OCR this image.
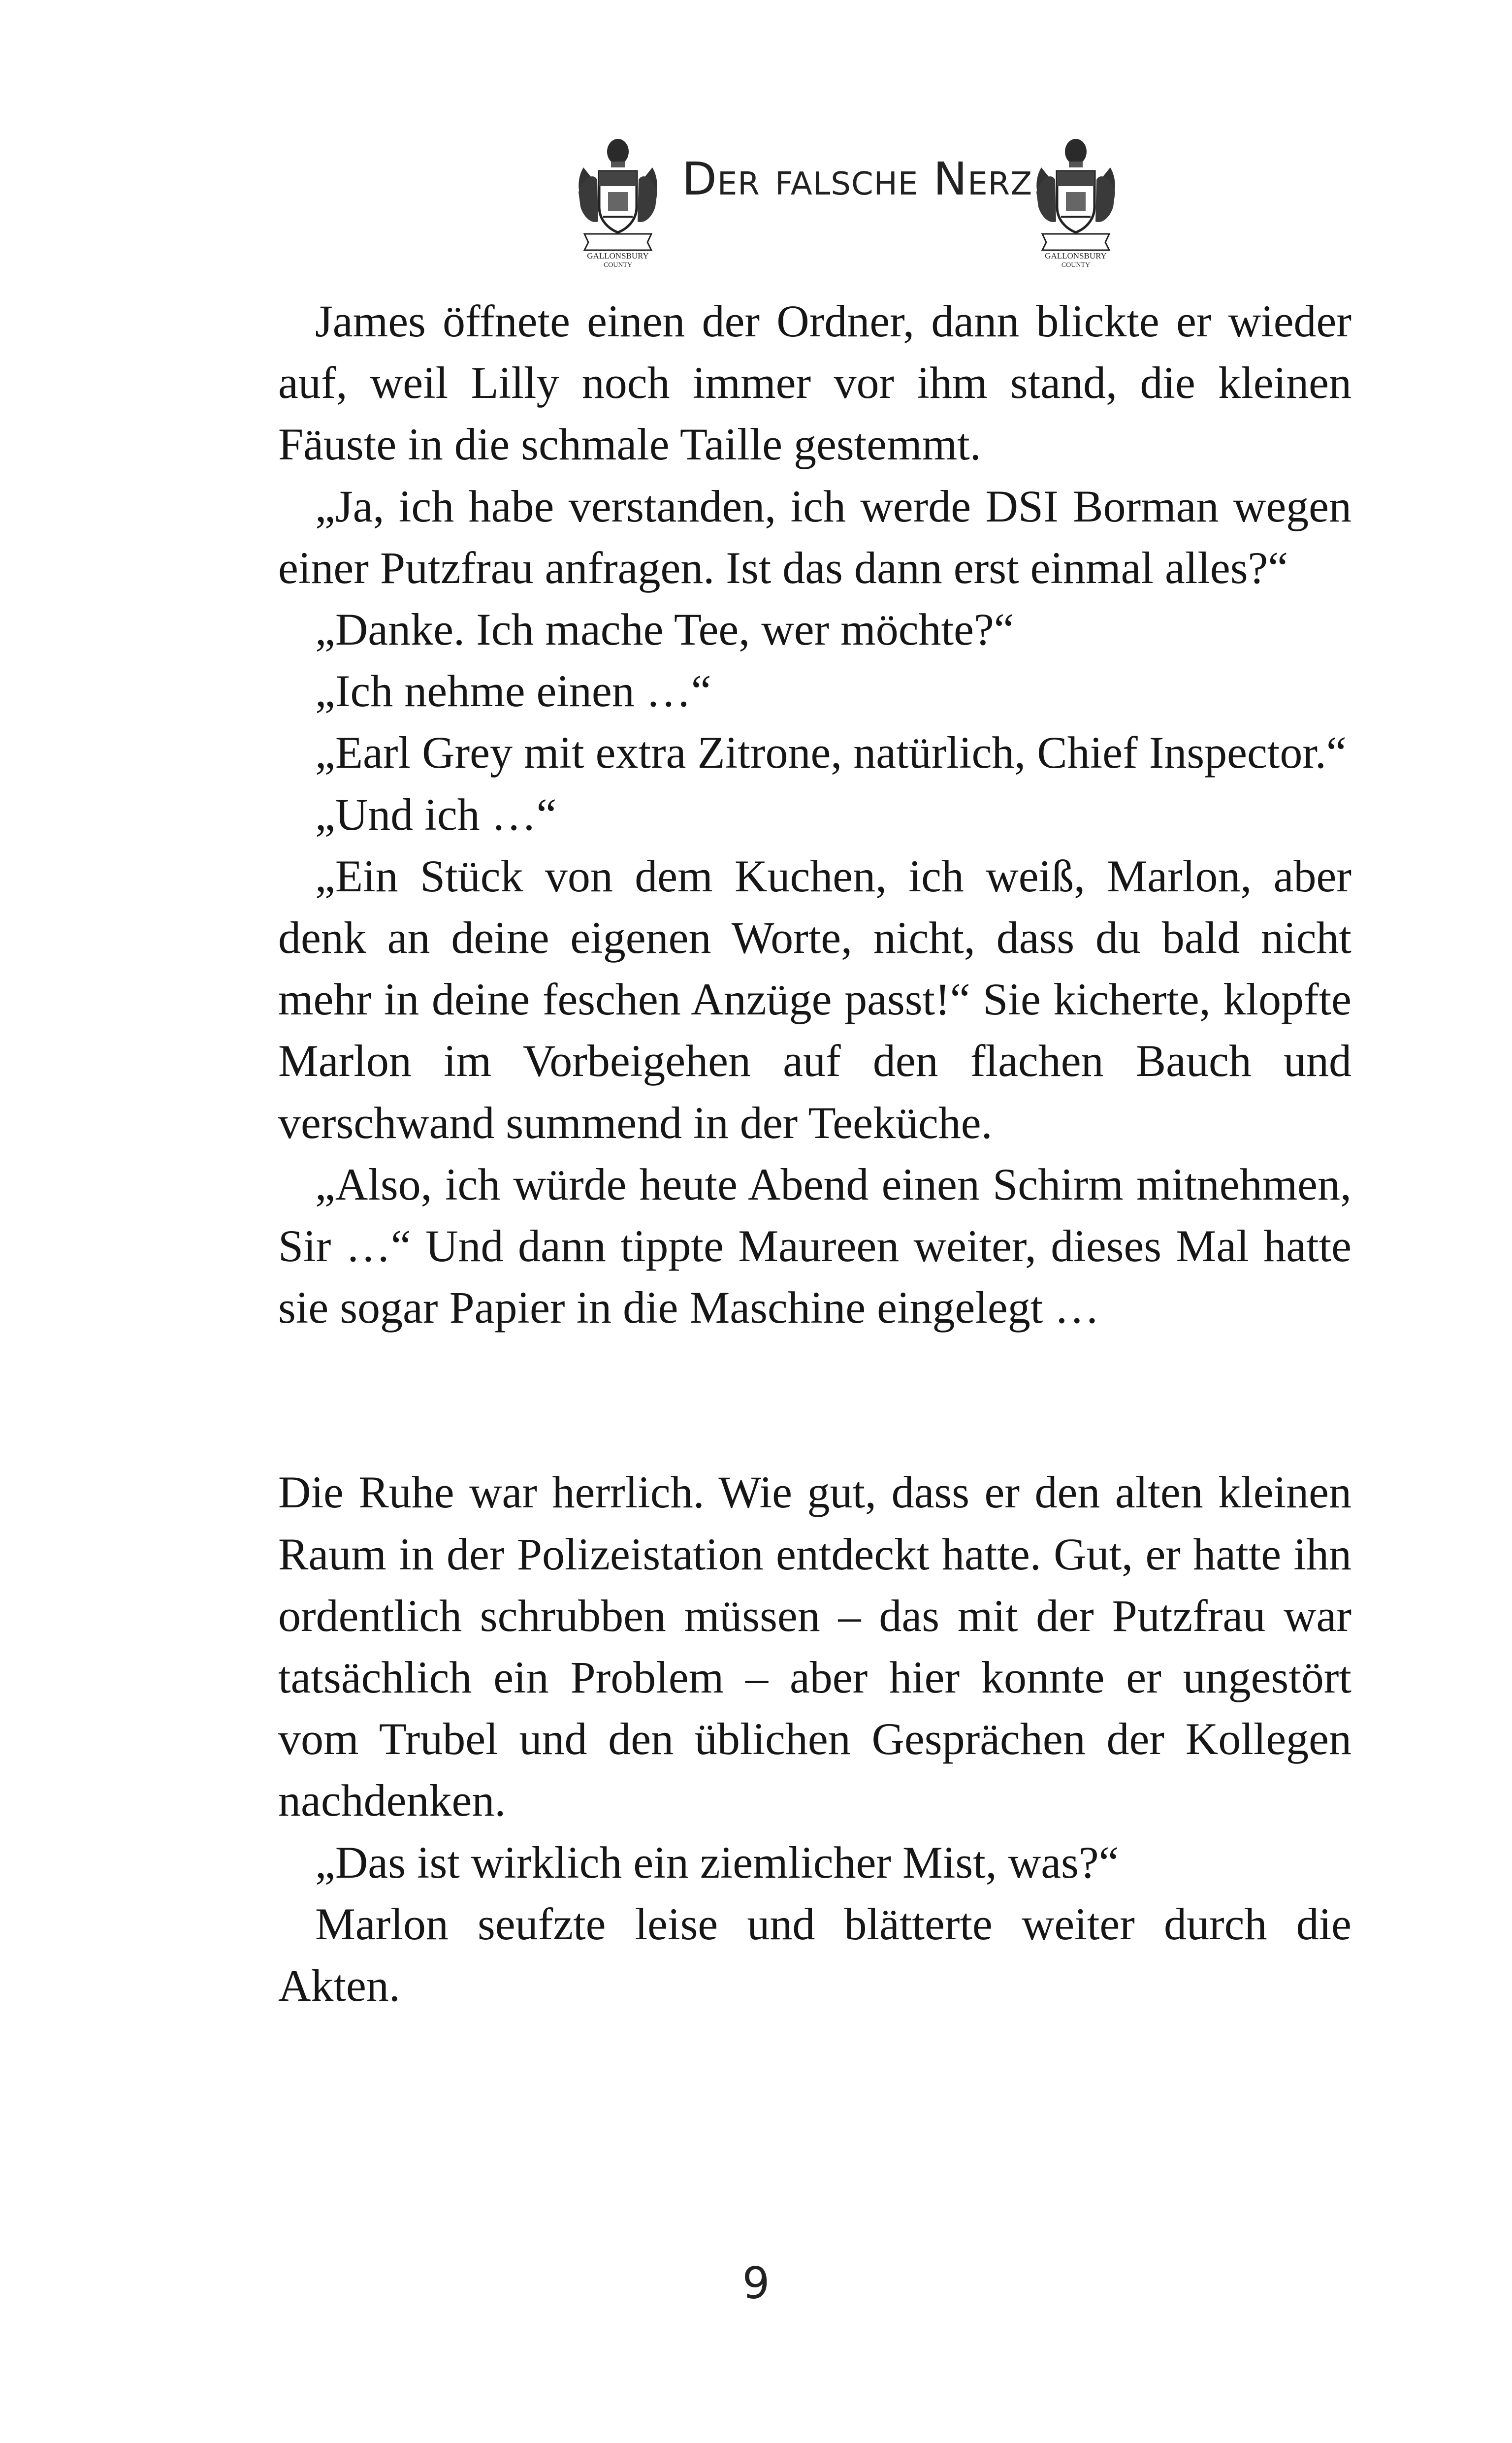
GALLONSBURY
COUNTY
Der falsche Nerz
GALLONSBURY
COUNTY

James öffnete einen der Ordner, dann blickte er wieder auf, weil Lilly noch immer vor ihm stand, die kleinen Fäuste in die schmale Taille gestemmt.

„Ja, ich habe verstanden, ich werde DSI Borman wegen einer Putzfrau anfragen. Ist das dann erst einmal alles?“

„Danke. Ich mache Tee, wer möchte?“

„Ich nehme einen …“

„Earl Grey mit extra Zitrone, natürlich, Chief Inspector.“

„Und ich …“

„Ein Stück von dem Kuchen, ich weiß, Marlon, aber denk an deine eigenen Worte, nicht, dass du bald nicht mehr in deine feschen Anzüge passt!“ Sie kicherte, klopfte Marlon im Vorbeigehen auf den flachen Bauch und verschwand summend in der Teeküche.

„Also, ich würde heute Abend einen Schirm mitnehmen, Sir …“ Und dann tippte Maureen weiter, dieses Mal hatte sie sogar Papier in die Maschine eingelegt …

Die Ruhe war herrlich. Wie gut, dass er den alten kleinen Raum in der Polizeistation entdeckt hatte. Gut, er hatte ihn ordentlich schrubben müssen – das mit der Putzfrau war tatsächlich ein Problem – aber hier konnte er ungestört vom Trubel und den üblichen Gesprächen der Kollegen nachdenken.

„Das ist wirklich ein ziemlicher Mist, was?“

Marlon seufzte leise und blätterte weiter durch die Akten.

9
